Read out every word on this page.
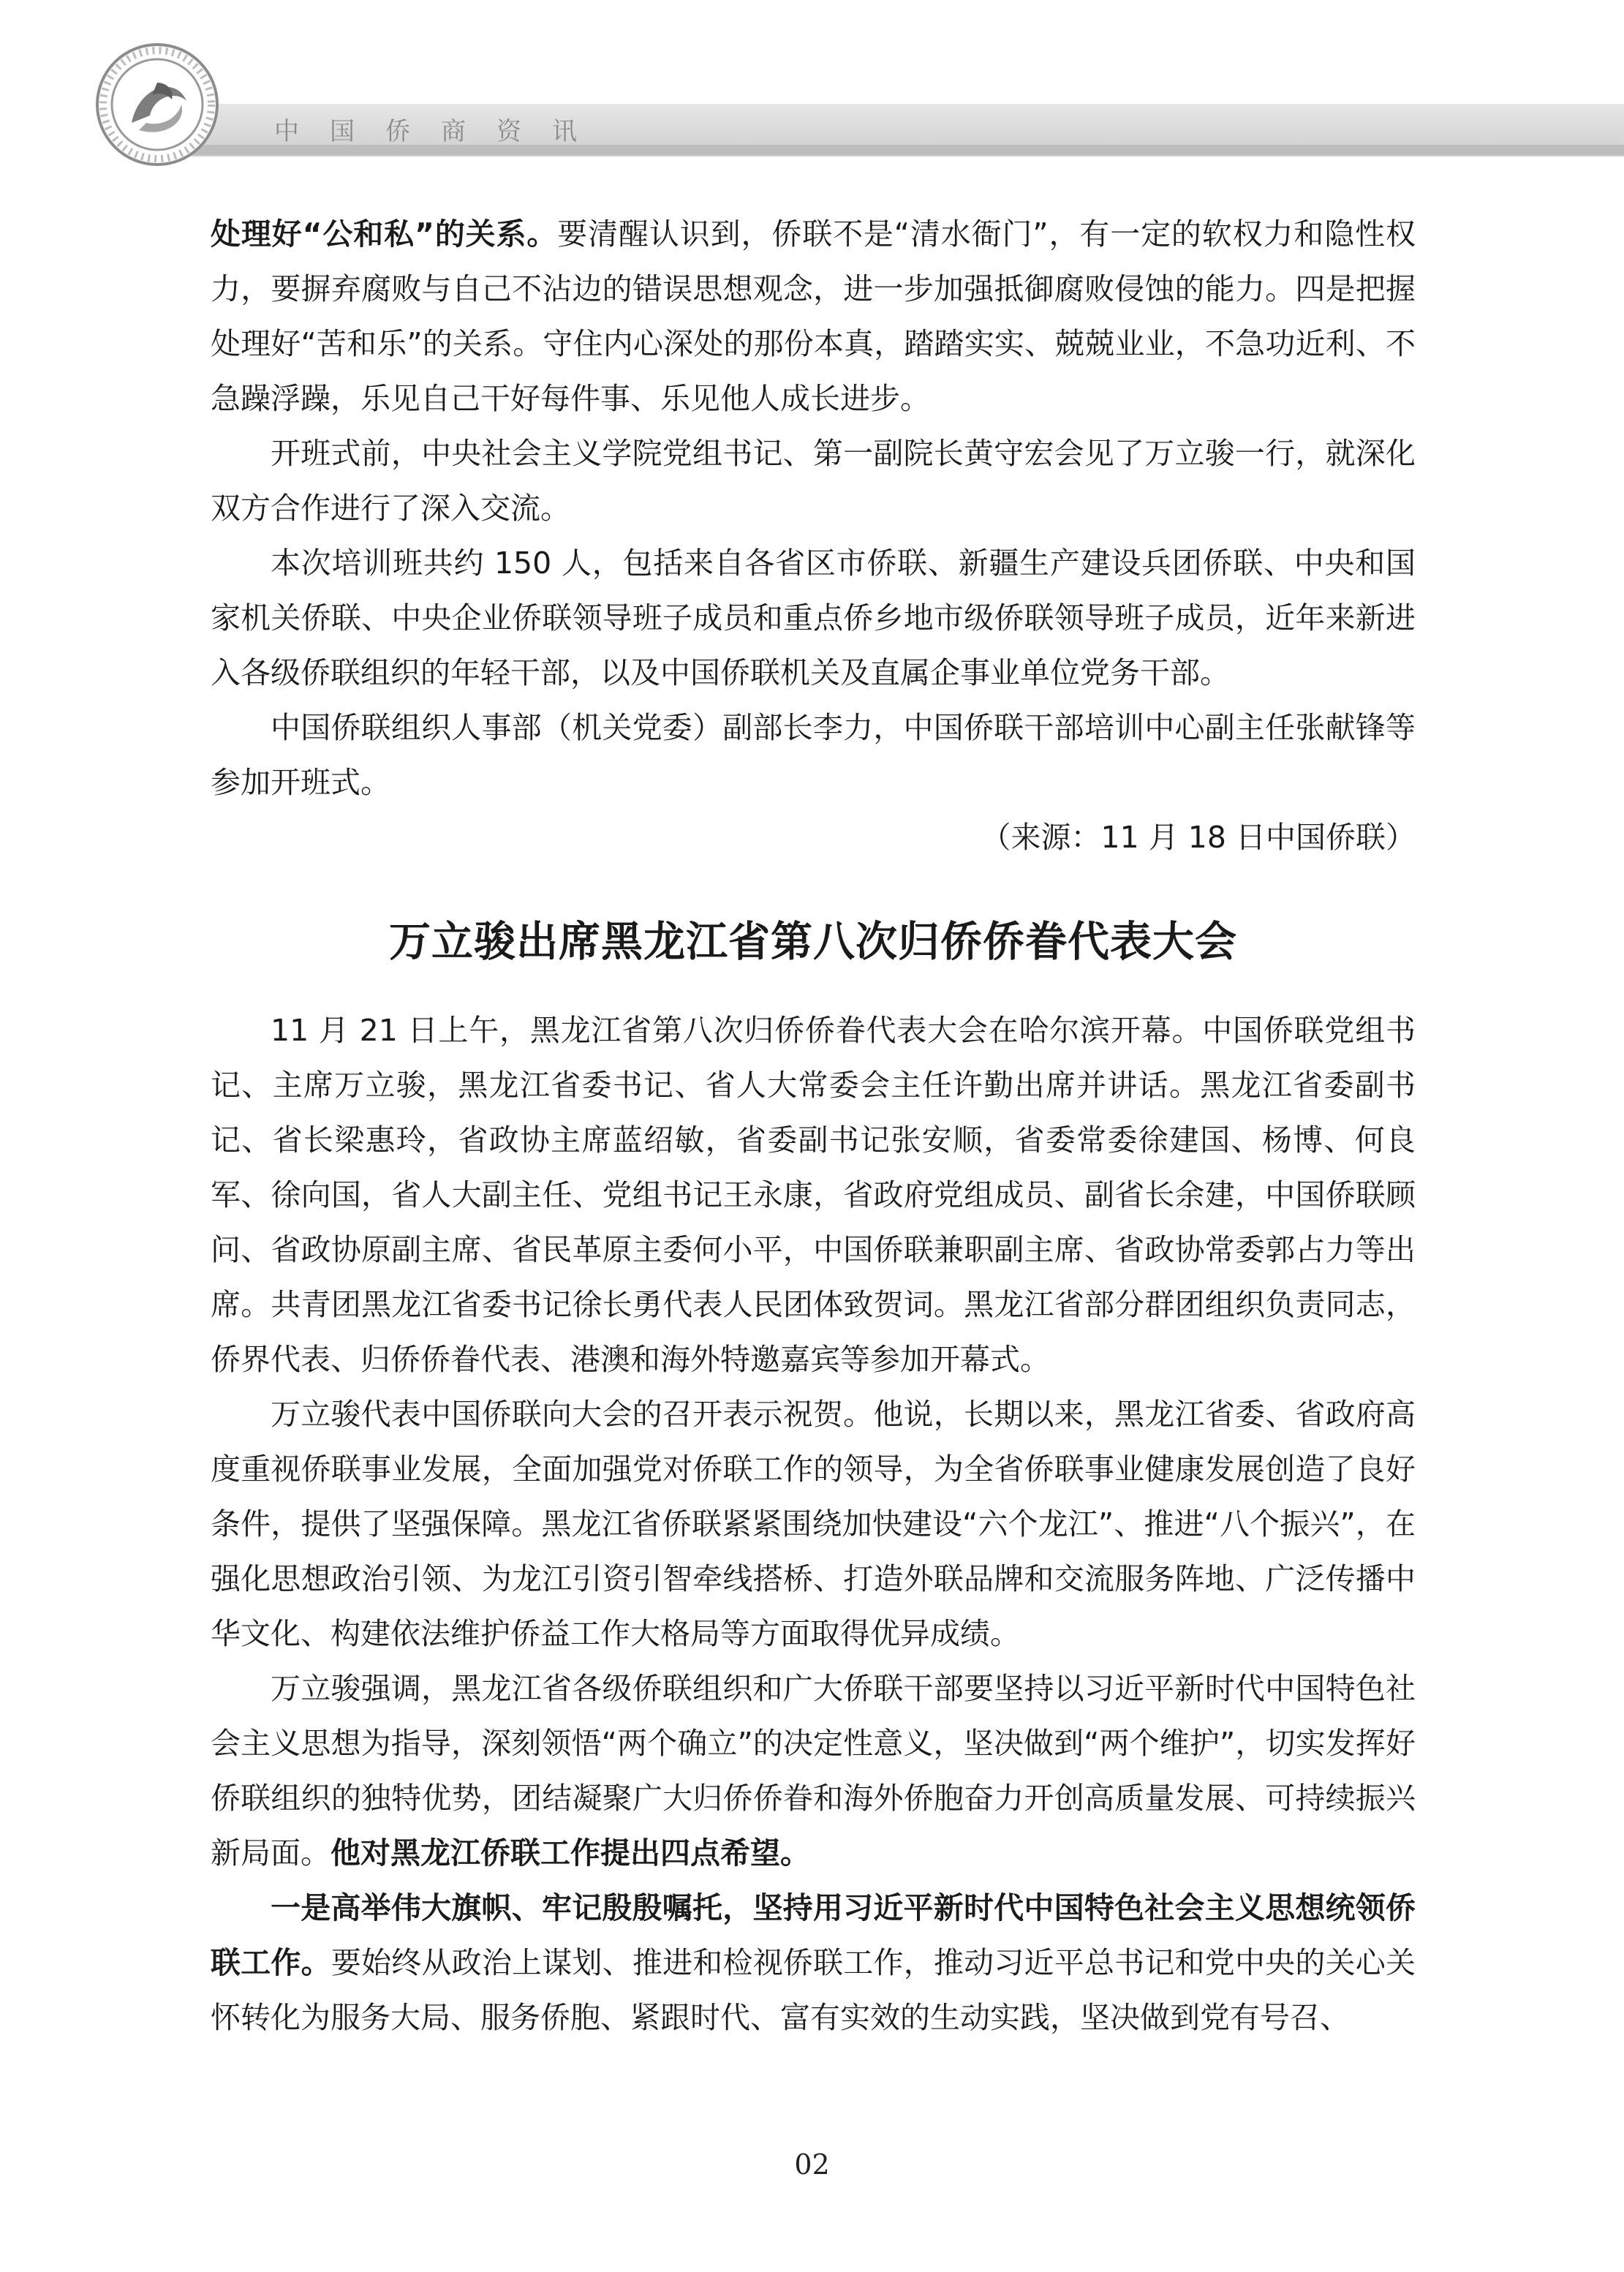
中国侨商资讯

处理好“公和私”的关系。要清醒认识到，侨联不是“清水衙门”，有一定的软权力和隐性权力，要摒弃腐败与自己不沾边的错误思想观念，进一步加强抵御腐败侵蚀的能力。四是把握处理好“苦和乐”的关系。守住内心深处的那份本真，踏踏实实、兢兢业业，不急功近利、不急躁浮躁，乐见自己干好每件事、乐见他人成长进步。

开班式前，中央社会主义学院党组书记、第一副院长黄守宏会见了万立骏一行，就深化双方合作进行了深入交流。

本次培训班共约 150 人，包括来自各省区市侨联、新疆生产建设兵团侨联、中央和国家机关侨联、中央企业侨联领导班子成员和重点侨乡地市级侨联领导班子成员，近年来新进入各级侨联组织的年轻干部，以及中国侨联机关及直属企事业单位党务干部。

中国侨联组织人事部（机关党委）副部长李力，中国侨联干部培训中心副主任张献锋等参加开班式。

（来源：11 月 18 日中国侨联）

万立骏出席黑龙江省第八次归侨侨眷代表大会

11 月 21 日上午，黑龙江省第八次归侨侨眷代表大会在哈尔滨开幕。中国侨联党组书记、主席万立骏，黑龙江省委书记、省人大常委会主任许勤出席并讲话。黑龙江省委副书记、省长梁惠玲，省政协主席蓝绍敏，省委副书记张安顺，省委常委徐建国、杨博、何良军、徐向国，省人大副主任、党组书记王永康，省政府党组成员、副省长余建，中国侨联顾问、省政协原副主席、省民革原主委何小平，中国侨联兼职副主席、省政协常委郭占力等出席。共青团黑龙江省委书记徐长勇代表人民团体致贺词。黑龙江省部分群团组织负责同志，侨界代表、归侨侨眷代表、港澳和海外特邀嘉宾等参加开幕式。

万立骏代表中国侨联向大会的召开表示祝贺。他说，长期以来，黑龙江省委、省政府高度重视侨联事业发展，全面加强党对侨联工作的领导，为全省侨联事业健康发展创造了良好条件，提供了坚强保障。黑龙江省侨联紧紧围绕加快建设“六个龙江”、推进“八个振兴”，在强化思想政治引领、为龙江引资引智牵线搭桥、打造外联品牌和交流服务阵地、广泛传播中华文化、构建依法维护侨益工作大格局等方面取得优异成绩。

万立骏强调，黑龙江省各级侨联组织和广大侨联干部要坚持以习近平新时代中国特色社会主义思想为指导，深刻领悟“两个确立”的决定性意义，坚决做到“两个维护”，切实发挥好侨联组织的独特优势，团结凝聚广大归侨侨眷和海外侨胞奋力开创高质量发展、可持续振兴新局面。他对黑龙江侨联工作提出四点希望。

一是高举伟大旗帜、牢记殷殷嘱托，坚持用习近平新时代中国特色社会主义思想统领侨联工作。要始终从政治上谋划、推进和检视侨联工作，推动习近平总书记和党中央的关心关怀转化为服务大局、服务侨胞、紧跟时代、富有实效的生动实践，坚决做到党有号召、

02
